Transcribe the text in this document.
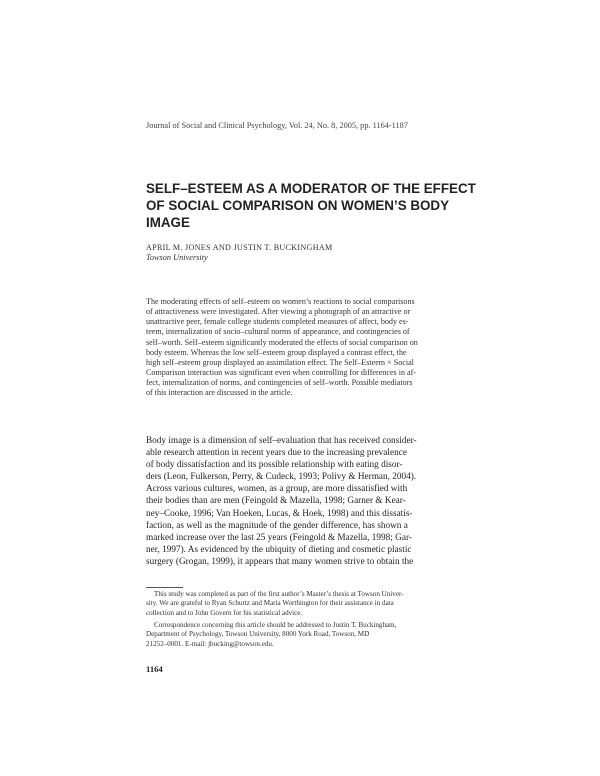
Journal of Social and Clinical Psychology, Vol. 24, No. 8, 2005, pp. 1164-1187
SELF–ESTEEM AS A MODERATOR OF THE EFFECT
OF SOCIAL COMPARISON ON WOMEN’S BODY
IMAGE
APRIL M. JONES AND JUSTIN T. BUCKINGHAM
Towson University
The moderating effects of self–esteem on women’s reactions to social comparisons
of attractiveness were investigated. After viewing a photograph of an attractive or
unattractive peer, female college students completed measures of affect, body es-
teem, internalization of socio–cultural norms of appearance, and contingencies of
self–worth. Self–esteem significantly moderated the effects of social comparison on
body esteem. Whereas the low self–esteem group displayed a contrast effect, the
high self–esteem group displayed an assimilation effect. The Self–Esteem × Social
Comparison interaction was significant even when controlling for differences in af-
fect, internalization of norms, and contingencies of self–worth. Possible mediators
of this interaction are discussed in the article.
Body image is a dimension of self–evaluation that has received consider-
able research attention in recent years due to the increasing prevalence
of body dissatisfaction and its possible relationship with eating disor-
ders (Leon, Fulkerson, Perry, & Cudeck, 1993; Polivy & Herman, 2004).
Across various cultures, women, as a group, are more dissatisfied with
their bodies than are men (Feingold & Mazella, 1998; Garner & Kear-
ney–Cooke, 1996; Van Hoeken, Lucas, & Hoek, 1998) and this dissatis-
faction, as well as the magnitude of the gender difference, has shown a
marked increase over the last 25 years (Feingold & Mazella, 1998; Gar-
ner, 1997). As evidenced by the ubiquity of dieting and cosmetic plastic
surgery (Grogan, 1999), it appears that many women strive to obtain the
This study was completed as part of the first author’s Master’s thesis at Towson Univer-
sity. We are grateful to Ryan Schurtz and Maria Worthington for their assistance in data
collection and to John Govern for his statistical advice.
Correspondence concerning this article should be addressed to Justin T. Buckingham,
Department of Psychology, Towson University, 8000 York Road, Towson, MD
21252–0001. E-mail: jbucking@towson.edu.
1164
